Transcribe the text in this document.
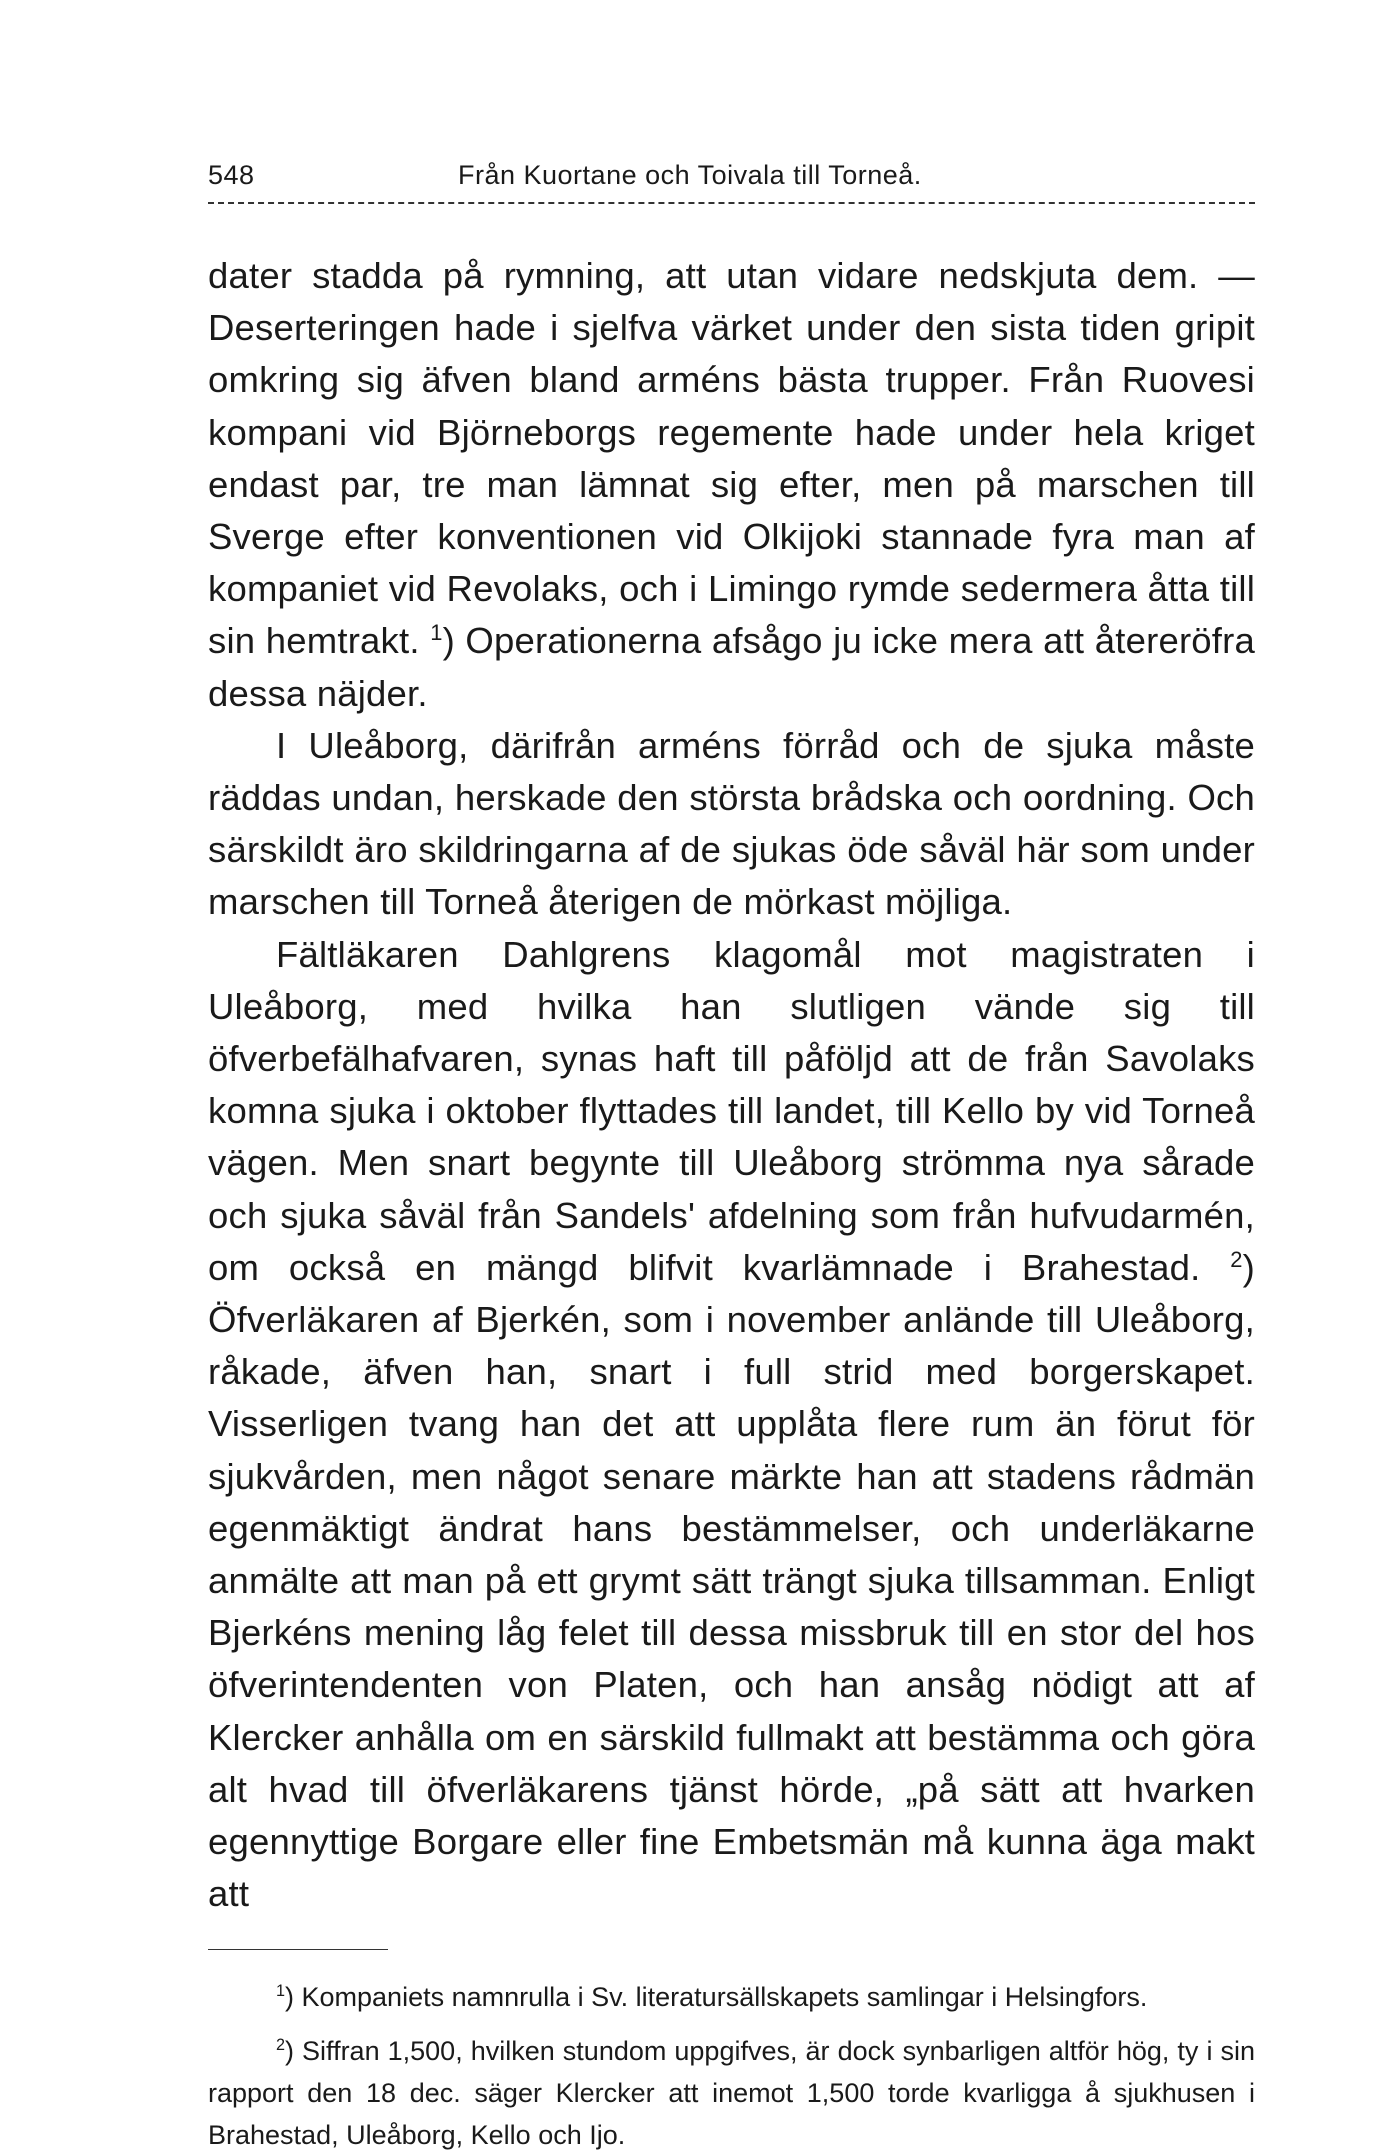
548	Från Kuortane och Toivala till Torneå.

dater stadda på rymning, att utan vidare nedskjuta dem. — Deserteringen hade i sjelfva värket under den sista tiden gripit omkring sig äfven bland arméns bästa trupper. Från Ruovesi kompani vid Björneborgs regemente hade under hela kriget endast par, tre man lämnat sig efter, men på marschen till Sverge efter konventionen vid Olkijoki stannade fyra man af kompaniet vid Revolaks, och i Limingo rymde sedermera åtta till sin hemtrakt. $^1$) Operationerna afsågo ju icke mera att återeröfra dessa näjder.

I Uleåborg, därifrån arméns förråd och de sjuka måste räddas undan, herskade den största brådska och oordning. Och särskildt äro skildringarna af de sjukas öde såväl här som under marschen till Torneå återigen de mörkast möjliga.

Fältläkaren Dahlgrens klagomål mot magistraten i Uleåborg, med hvilka han slutligen vände sig till öfverbefälhafvaren, synas haft till påföljd att de från Savolaks komna sjuka i oktober flyttades till landet, till Kello by vid Torneå vägen. Men snart begynte till Uleåborg strömma nya sårade och sjuka såväl från Sandels' afdelning som från hufvudarmén, om också en mängd blifvit kvarlämnade i Brahestad. $^2$) Öfverläkaren af Bjerkén, som i november anlände till Uleåborg, råkade, äfven han, snart i full strid med borgerskapet. Visserligen tvang han det att upplåta flere rum än förut för sjukvården, men något senare märkte han att stadens rådmän egenmäktigt ändrat hans bestämmelser, och underläkarne anmälte att man på ett grymt sätt trängt sjuka tillsamman. Enligt Bjerkéns mening låg felet till dessa missbruk till en stor del hos öfverintendenten von Platen, och han ansåg nödigt att af Klercker anhålla om en särskild fullmakt att bestämma och göra alt hvad till öfverläkarens tjänst hörde, „på sätt att hvarken egennyttige Borgare eller fine Embetsmän må kunna äga makt att

$^1$) Kompaniets namnrulla i Sv. literatursällskapets samlingar i Helsingfors.

$^2$) Siffran 1,500, hvilken stundom uppgifves, är dock synbarligen altför hög, ty i sin rapport den 18 dec. säger Klercker att inemot 1,500 torde kvarligga å sjukhusen i Brahestad, Uleåborg, Kello och Ijo.
